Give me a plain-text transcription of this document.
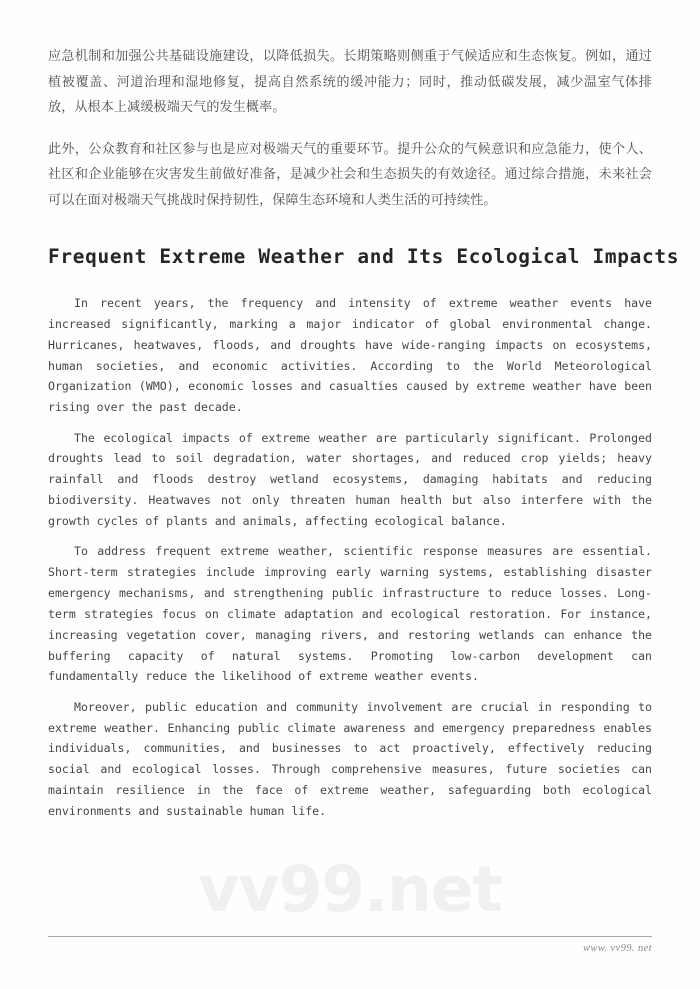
应急机制和加强公共基础设施建设，以降低损失。长期策略则侧重于气候适应和生态恢复。例如，通过植被覆盖、河道治理和湿地修复，提高自然系统的缓冲能力；同时，推动低碳发展，减少温室气体排放，从根本上减缓极端天气的发生概率。

此外，公众教育和社区参与也是应对极端天气的重要环节。提升公众的气候意识和应急能力，使个人、社区和企业能够在灾害发生前做好准备，是减少社会和生态损失的有效途径。通过综合措施，未来社会可以在面对极端天气挑战时保持韧性，保障生态环境和人类生活的可持续性。

Frequent Extreme Weather and Its Ecological Impacts

In recent years, the frequency and intensity of extreme weather events have increased significantly, marking a major indicator of global environmental change. Hurricanes, heatwaves, floods, and droughts have wide-ranging impacts on ecosystems, human societies, and economic activities. According to the World Meteorological Organization (WMO), economic losses and casualties caused by extreme weather have been rising over the past decade.

The ecological impacts of extreme weather are particularly significant. Prolonged droughts lead to soil degradation, water shortages, and reduced crop yields; heavy rainfall and floods destroy wetland ecosystems, damaging habitats and reducing biodiversity. Heatwaves not only threaten human health but also interfere with the growth cycles of plants and animals, affecting ecological balance.

To address frequent extreme weather, scientific response measures are essential. Short-term strategies include improving early warning systems, establishing disaster emergency mechanisms, and strengthening public infrastructure to reduce losses. Long-term strategies focus on climate adaptation and ecological restoration. For instance, increasing vegetation cover, managing rivers, and restoring wetlands can enhance the buffering capacity of natural systems. Promoting low-carbon development can fundamentally reduce the likelihood of extreme weather events.

Moreover, public education and community involvement are crucial in responding to extreme weather. Enhancing public climate awareness and emergency preparedness enables individuals, communities, and businesses to act proactively, effectively reducing social and ecological losses. Through comprehensive measures, future societies can maintain resilience in the face of extreme weather, safeguarding both ecological environments and sustainable human life.

vv99.net

www. vv99. net
